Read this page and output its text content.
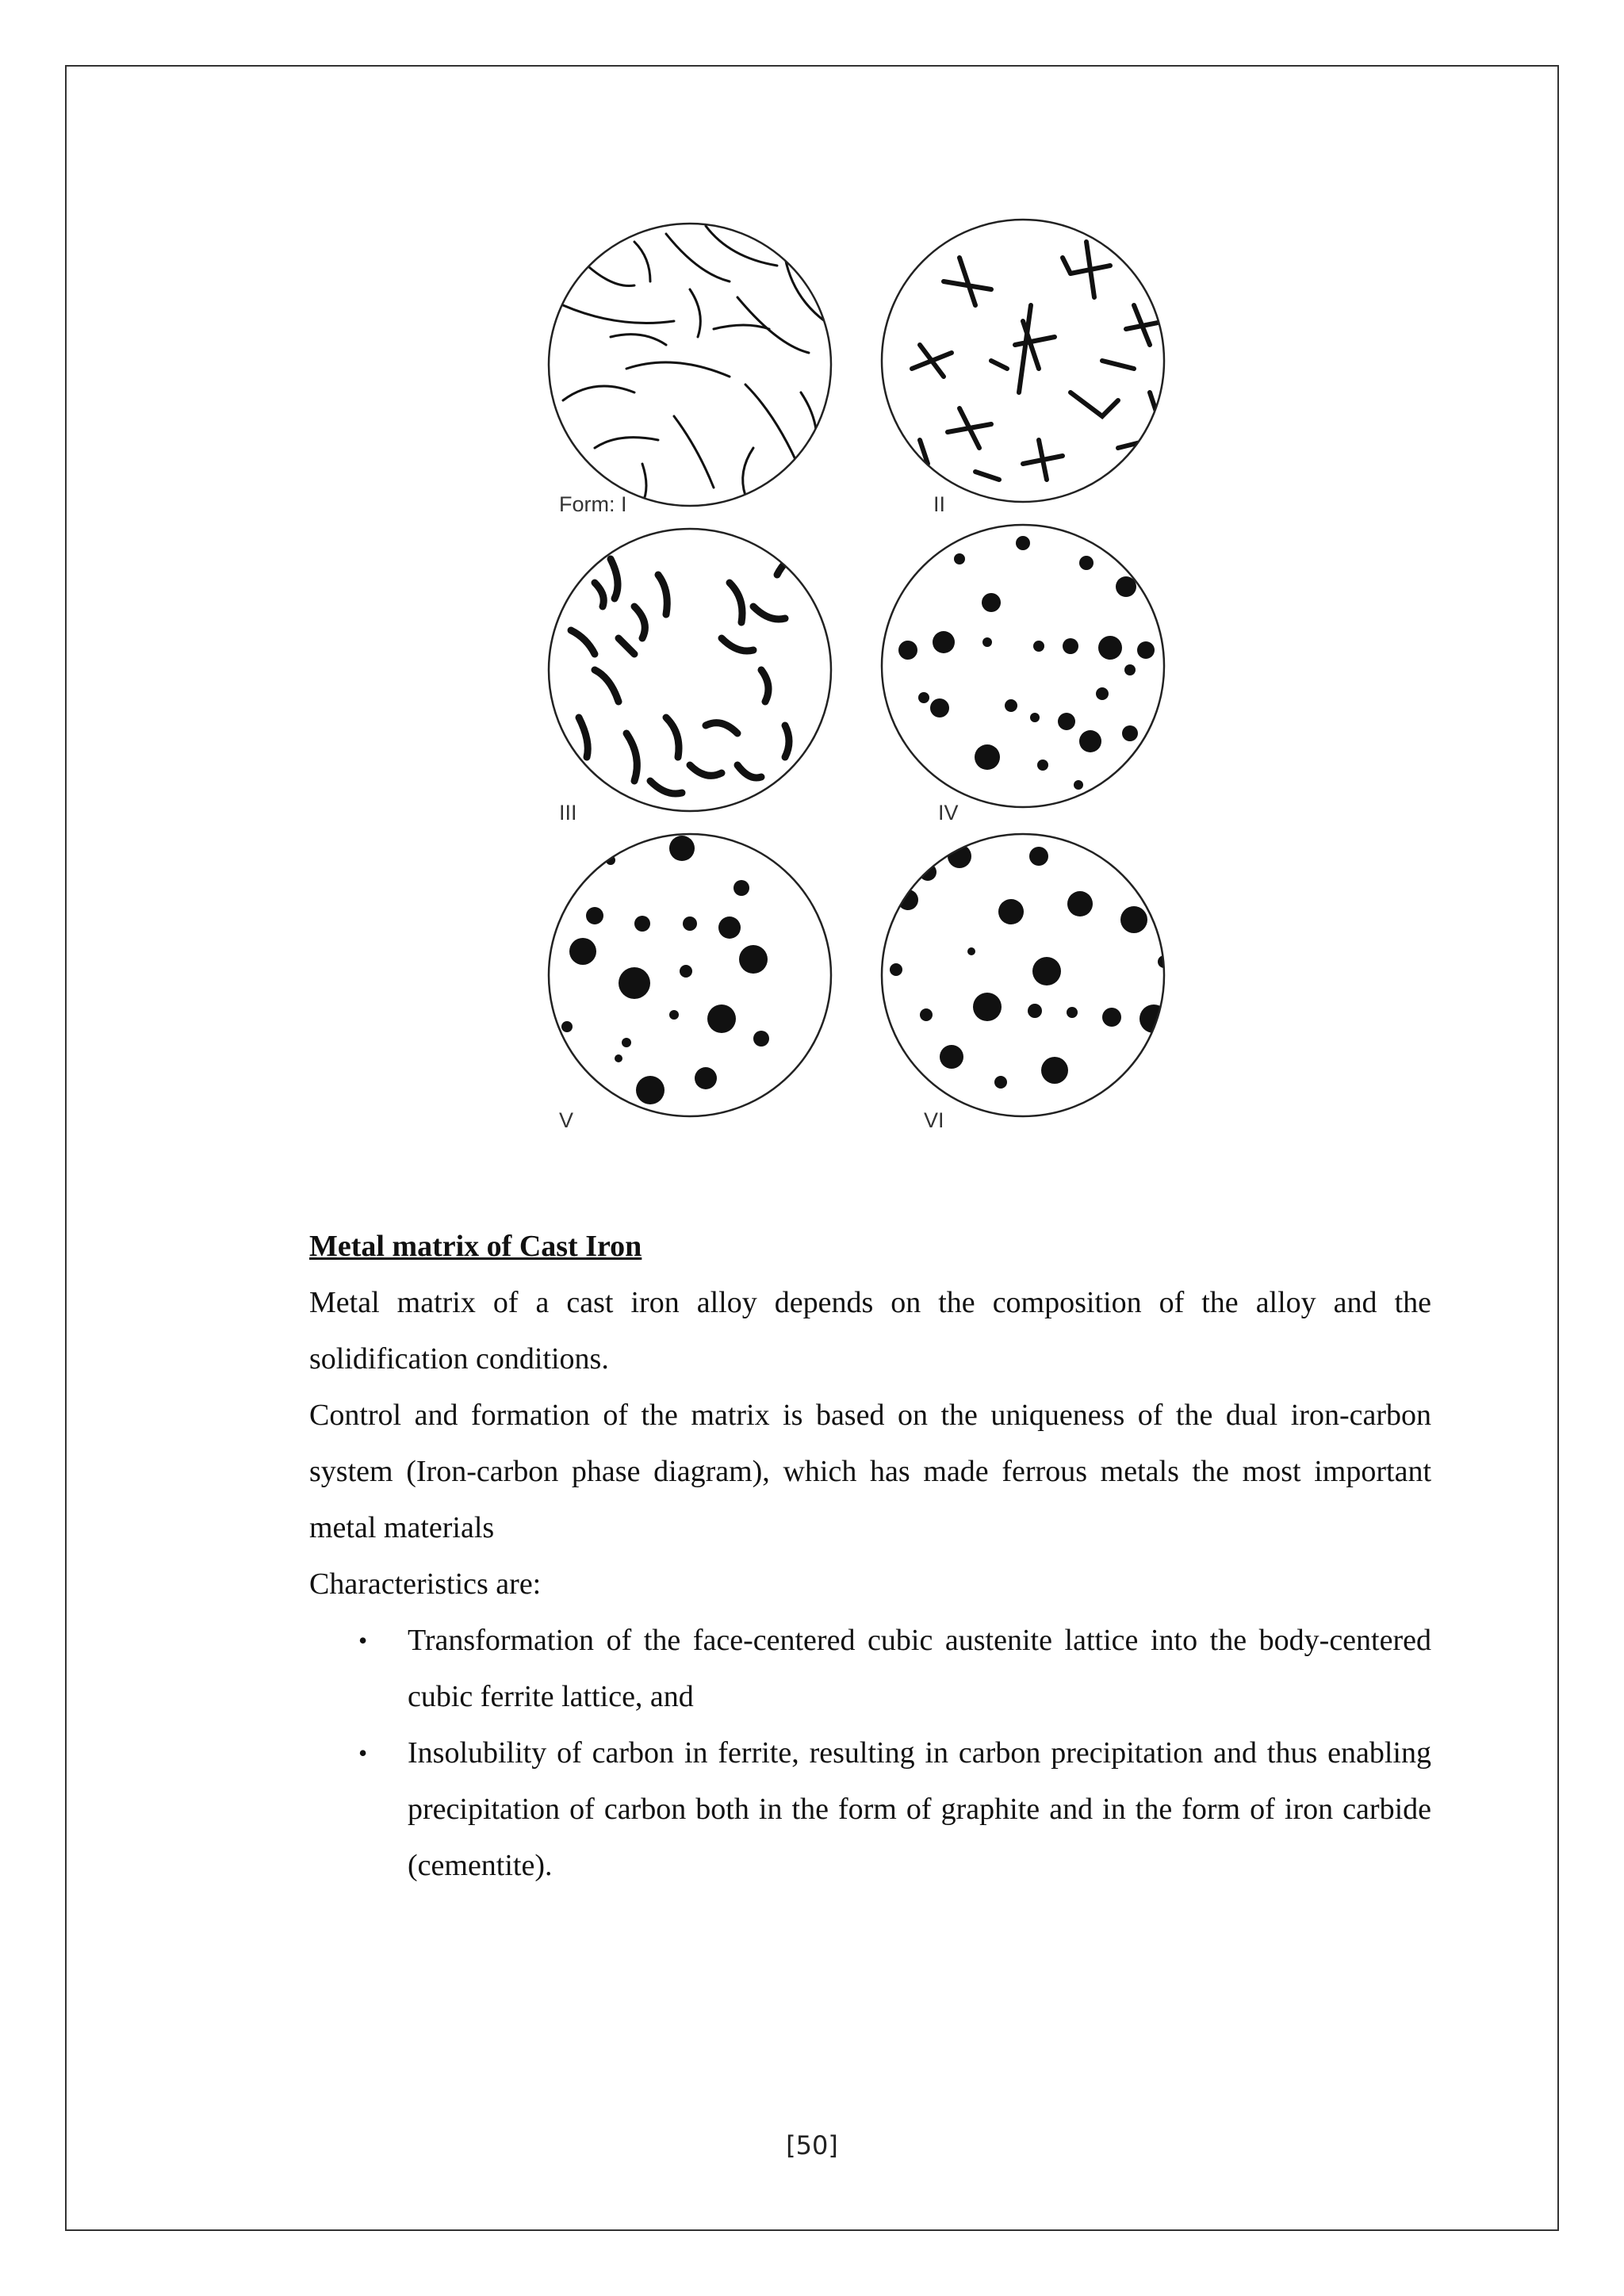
Form: I	II
III	IV
V	VI

Metal matrix of Cast Iron

Metal matrix of a cast iron alloy depends on the composition of the alloy and the solidification conditions.

Control and formation of the matrix is based on the uniqueness of the dual iron-carbon system (Iron-carbon phase diagram), which has made ferrous metals the most important metal materials

Characteristics are:

• Transformation of the face-centered cubic austenite lattice into the body-centered cubic ferrite lattice, and
• Insolubility of carbon in ferrite, resulting in carbon precipitation and thus enabling precipitation of carbon both in the form of graphite and in the form of iron carbide (cementite).
[50]
